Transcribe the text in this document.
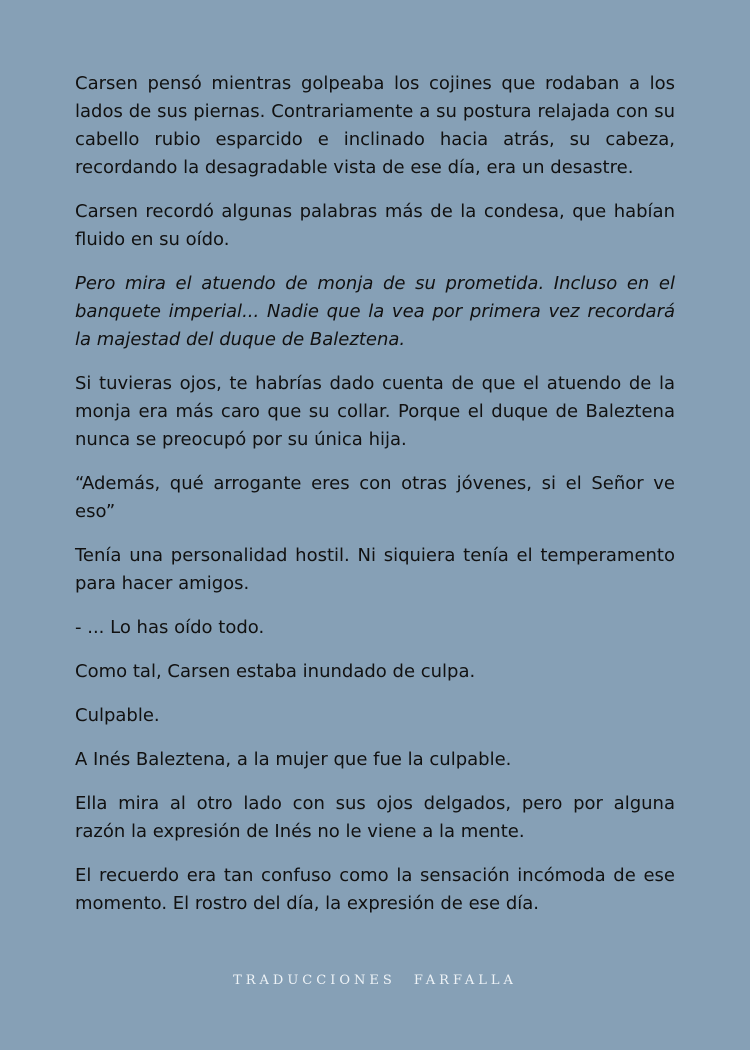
Carsen pensó mientras golpeaba los cojines que rodaban a los lados de sus piernas. Contrariamente a su postura relajada con su cabello rubio esparcido e inclinado hacia atrás, su cabeza, recordando la desagradable vista de ese día, era un desastre.

Carsen recordó algunas palabras más de la condesa, que habían fluido en su oído.

Pero mira el atuendo de monja de su prometida. Incluso en el banquete imperial... Nadie que la vea por primera vez recordará la majestad del duque de Baleztena.

Si tuvieras ojos, te habrías dado cuenta de que el atuendo de la monja era más caro que su collar. Porque el duque de Baleztena nunca se preocupó por su única hija.

“Además, qué arrogante eres con otras jóvenes, si el Señor ve eso”

Tenía una personalidad hostil. Ni siquiera tenía el temperamento para hacer amigos.

- ... Lo has oído todo.

Como tal, Carsen estaba inundado de culpa.

Culpable.

A Inés Baleztena, a la mujer que fue la culpable.

Ella mira al otro lado con sus ojos delgados, pero por alguna razón la expresión de Inés no le viene a la mente.

El recuerdo era tan confuso como la sensación incómoda de ese momento. El rostro del día, la expresión de ese día.

TRADUCCIONES FARFALLA
